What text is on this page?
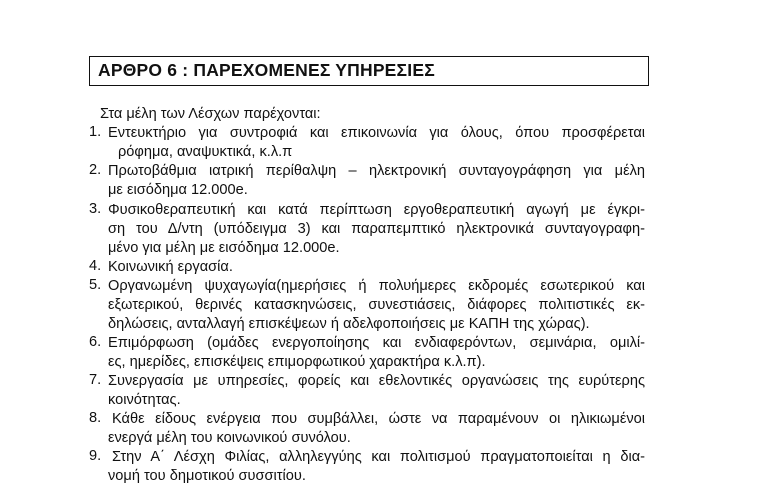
ΑΡΘΡΟ 6 : ΠΑΡΕΧΟΜΕΝΕΣ ΥΠΗΡΕΣΙΕΣ
Στα μέλη των Λέσχων παρέχονται:
1. Εντευκτήριο για συντροφιά και επικοινωνία για όλους, όπου προσφέρεται
ρόφημα, αναψυκτικά, κ.λ.π
2. Πρωτοβάθμια ιατρική περίθαλψη – ηλεκτρονική συνταγογράφηση για μέλη
με εισόδημα 12.000e.
3. Φυσικοθεραπευτική και κατά περίπτωση εργοθεραπευτική αγωγή με έγκρι-
ση του Δ/ντη (υπόδειγμα 3) και παραπεμπτικό ηλεκτρονικά συνταγογραφη-
μένο για μέλη με εισόδημα 12.000e.
4. Κοινωνική εργασία.
5. Οργανωμένη ψυχαγωγία(ημερήσιες ή πολυήμερες εκδρομές εσωτερικού και
εξωτερικού, θερινές κατασκηνώσεις, συνεστιάσεις, διάφορες πολιτιστικές εκ-
δηλώσεις, ανταλλαγή επισκέψεων ή αδελφοποιήσεις με ΚΑΠΗ της χώρας).
6. Επιμόρφωση (ομάδες ενεργοποίησης και ενδιαφερόντων, σεμινάρια, ομιλί-
ες, ημερίδες, επισκέψεις επιμορφωτικού χαρακτήρα κ.λ.π).
7. Συνεργασία με υπηρεσίες, φορείς και εθελοντικές οργανώσεις της ευρύτερης
κοινότητας.
8. Κάθε είδους ενέργεια που συμβάλλει, ώστε να παραμένουν οι ηλικιωμένοι
ενεργά μέλη του κοινωνικού συνόλου.
9. Στην Α΄ Λέσχη Φιλίας, αλληλεγγύης και πολιτισμού πραγματοποιείται η δια-
νομή του δημοτικού συσσιτίου.
